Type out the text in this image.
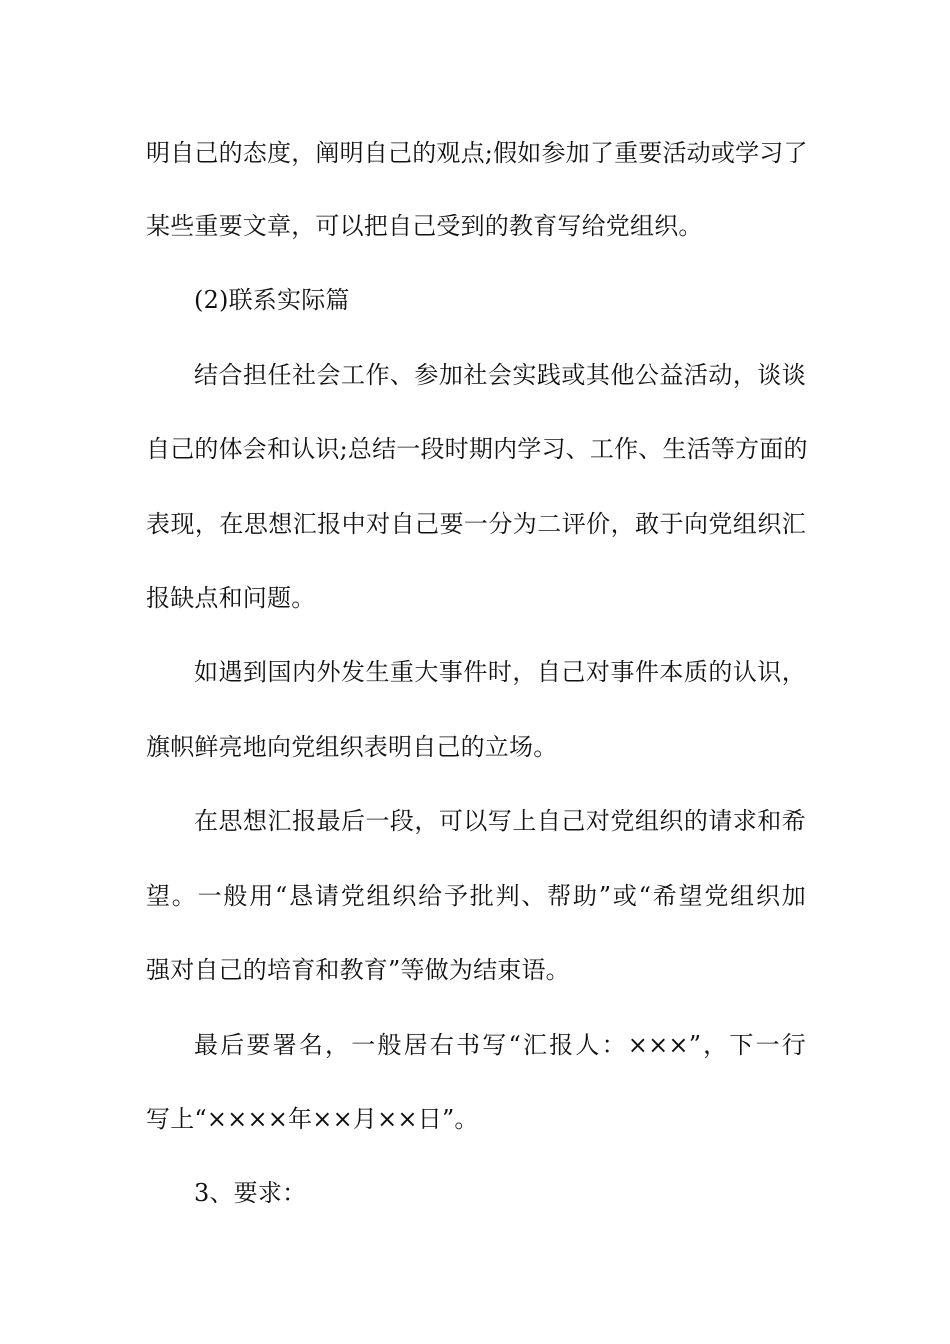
明自己的态度，阐明自己的观点;假如参加了重要活动或学习了
某些重要文章，可以把自己受到的教育写给党组织。
(2)联系实际篇
结合担任社会工作、参加社会实践或其他公益活动，谈谈
自己的体会和认识;总结一段时期内学习、工作、生活等方面的
表现，在思想汇报中对自己要一分为二评价，敢于向党组织汇
报缺点和问题。
如遇到国内外发生重大事件时，自己对事件本质的认识，
旗帜鲜亮地向党组织表明自己的立场。
在思想汇报最后一段，可以写上自己对党组织的请求和希
望。一般用“恳请党组织给予批判、帮助”或“希望党组织加
强对自己的培育和教育”等做为结束语。
最后要署名，一般居右书写“汇报人：×××”，下一行
写上“××××年××月××日”。
3、要求：
